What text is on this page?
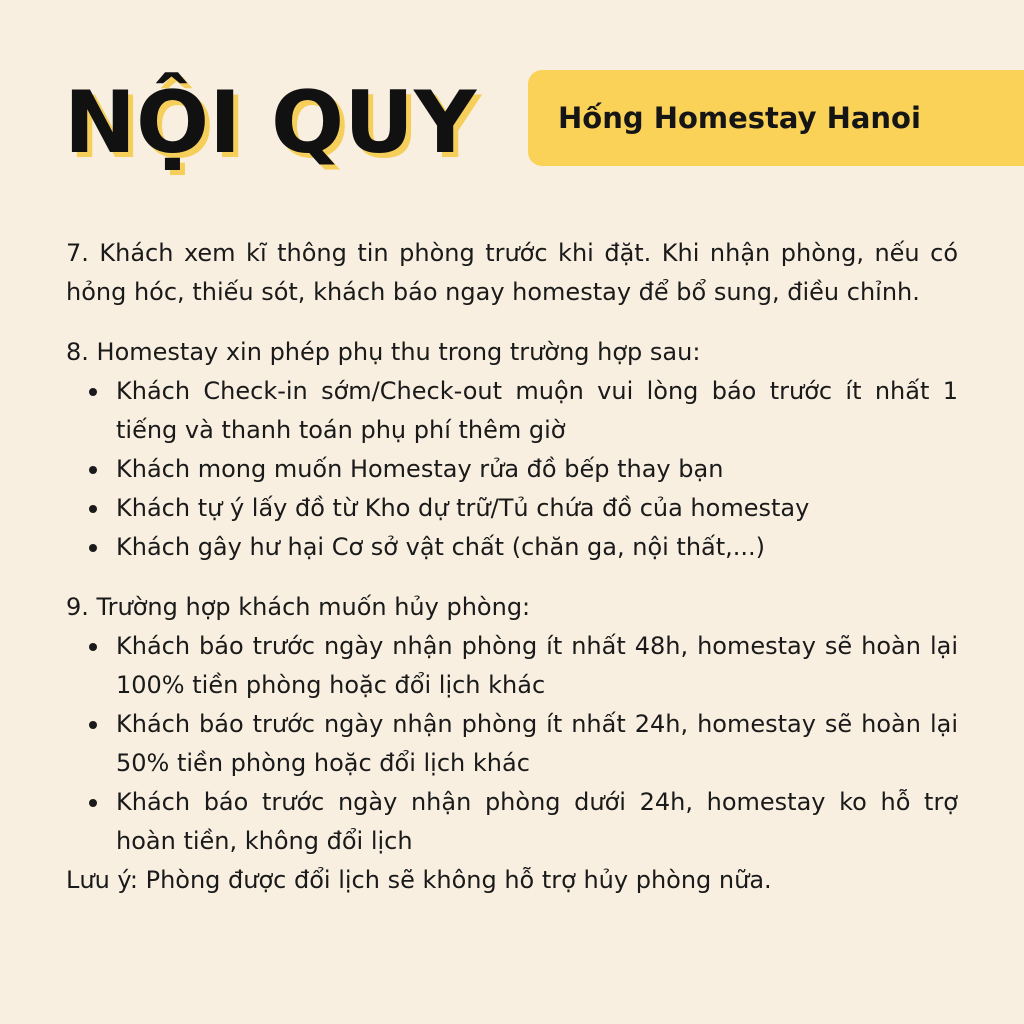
NỘI QUY	Hống Homestay Hanoi

7. Khách xem kĩ thông tin phòng trước khi đặt. Khi nhận phòng, nếu có hỏng hóc, thiếu sót, khách báo ngay homestay để bổ sung, điều chỉnh.

8. Homestay xin phép phụ thu trong trường hợp sau:

Khách Check-in sớm/Check-out muộn vui lòng báo trước ít nhất 1 tiếng và thanh toán phụ phí thêm giờ
Khách mong muốn Homestay rửa đồ bếp thay bạn
Khách tự ý lấy đồ từ Kho dự trữ/Tủ chứa đồ của homestay
Khách gây hư hại Cơ sở vật chất (chăn ga, nội thất,...)

9. Trường hợp khách muốn hủy phòng:

Khách báo trước ngày nhận phòng ít nhất 48h, homestay sẽ hoàn lại 100% tiền phòng hoặc đổi lịch khác
Khách báo trước ngày nhận phòng ít nhất 24h, homestay sẽ hoàn lại 50% tiền phòng hoặc đổi lịch khác
Khách báo trước ngày nhận phòng dưới 24h, homestay ko hỗ trợ hoàn tiền, không đổi lịch

Lưu ý: Phòng được đổi lịch sẽ không hỗ trợ hủy phòng nữa.
